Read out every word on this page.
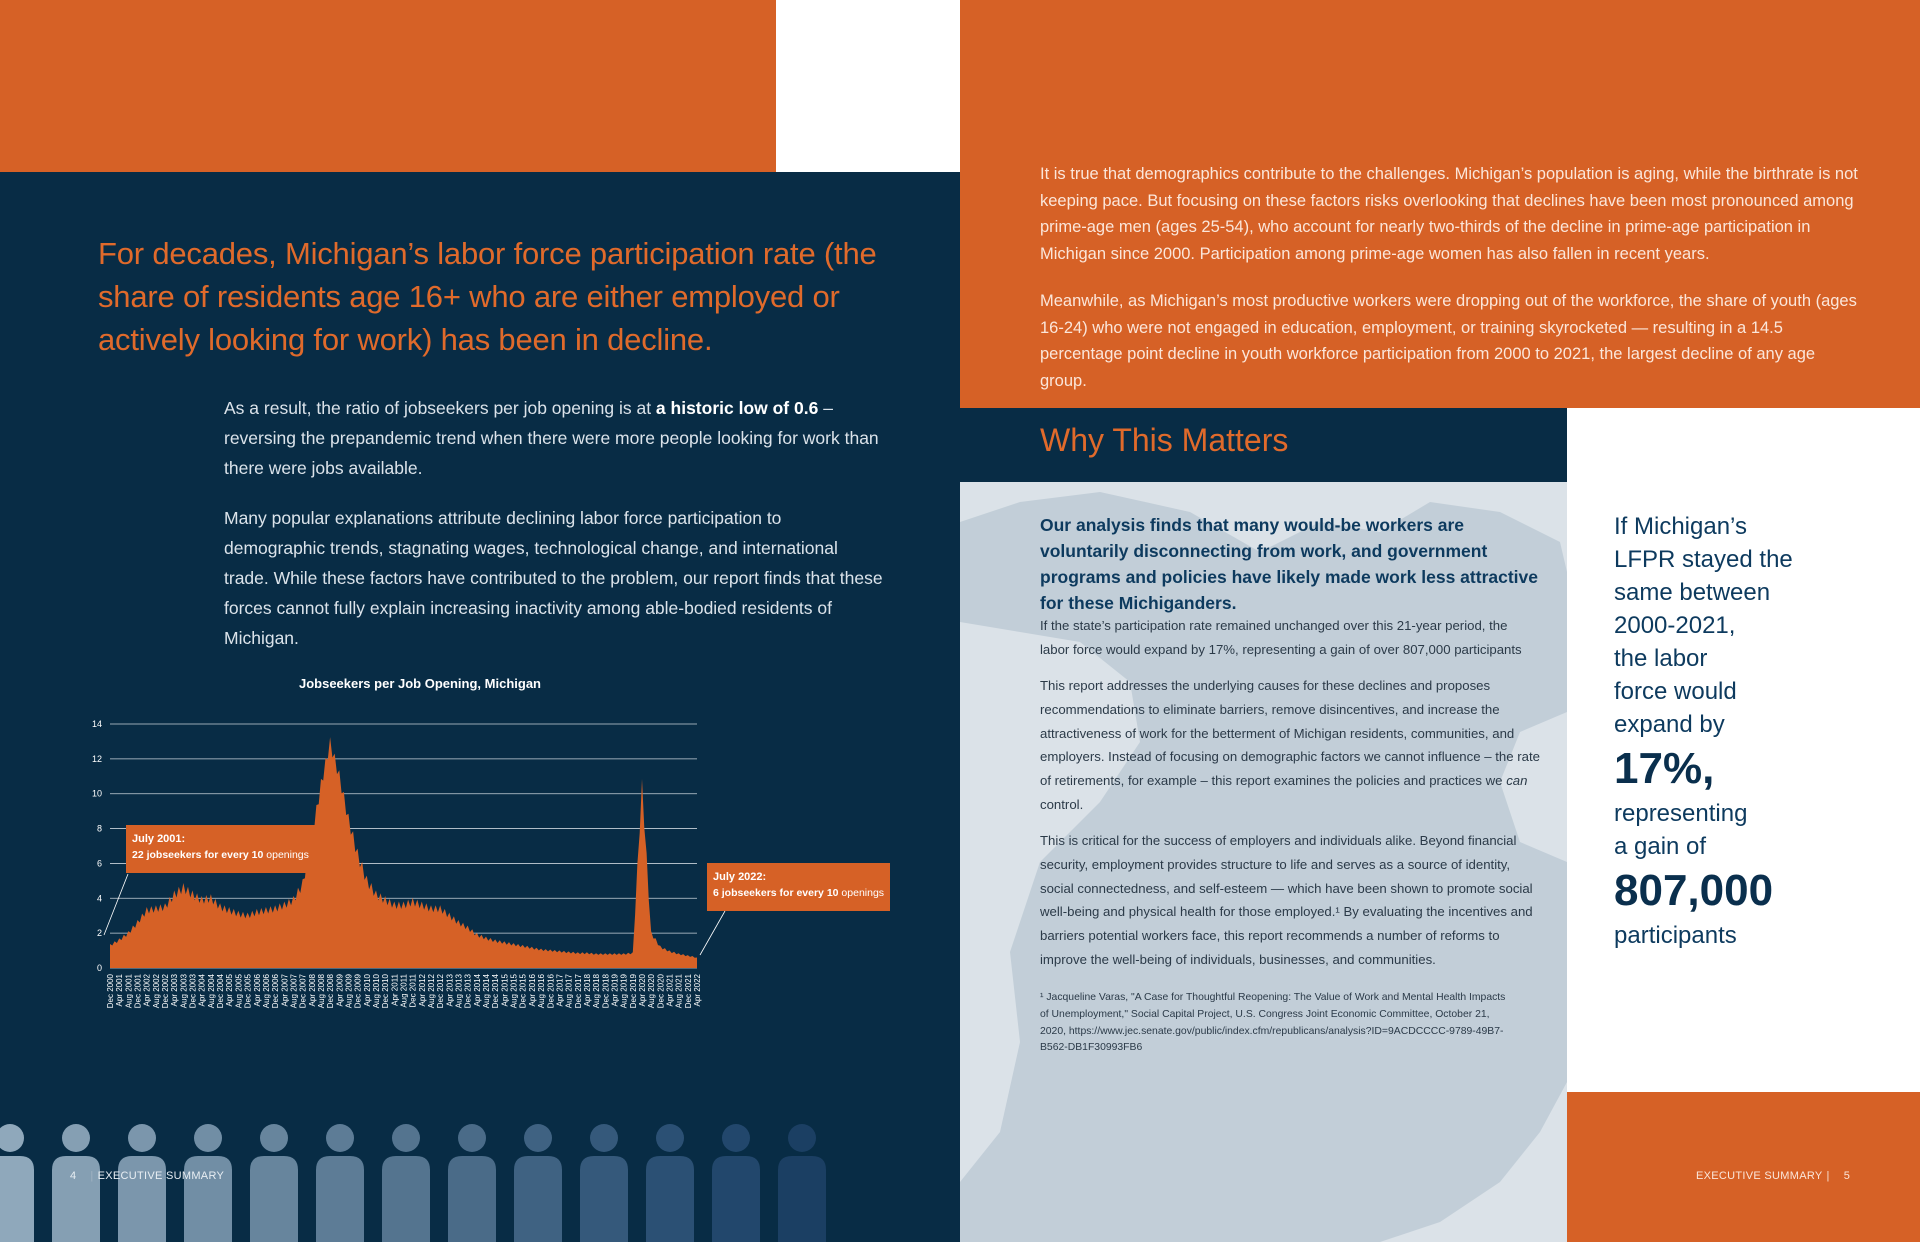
For decades, Michigan’s labor force participation rate (the share of residents age 16+ who are either employed or actively looking for work) has been in decline.
As a result, the ratio of jobseekers per job opening is at a historic low of 0.6 – reversing the prepandemic trend when there were more people looking for work than there were jobs available.
Many popular explanations attribute declining labor force participation to demographic trends, stagnating wages, technological change, and international trade. While these factors have contributed to the problem, our report finds that these forces cannot fully explain increasing inactivity among able-bodied residents of Michigan.
Jobseekers per Job Opening, Michigan
0
2
4
6
8
10
12
14
Dec 2000 Apr 2001 Aug 2001 Dec 2001 Apr 2002 Aug 2002 Dec 2002 Apr 2003 Aug 2003 Dec 2003 Apr 2004 Aug 2004 Dec 2004 Apr 2005 Aug 2005 Dec 2005 Apr 2006 Aug 2006 Dec 2006 Apr 2007 Aug 2007 Dec 2007 Apr 2008 Aug 2008 Dec 2008 Apr 2009 Aug 2009 Dec 2009 Apr 2010 Aug 2010 Dec 2010 Apr 2011 Aug 2011 Dec 2011 Apr 2012 Aug 2012 Dec 2012 Apr 2013 Aug 2013 Dec 2013 Apr 2014 Aug 2014 Dec 2014 Apr 2015 Aug 2015 Dec 2015 Apr 2016 Aug 2016 Dec 2016 Apr 2017 Aug 2017 Dec 2017 Apr 2018 Aug 2018 Dec 2018 Apr 2019 Aug 2019 Dec 2019 Apr 2020 Aug 2020 Dec 2020 Apr 2021 Aug 2021 Dec 2021 Apr 2022
July 2001:
22 jobseekers for every 10 openings
July 2022:
6 jobseekers for every 10 openings
4 | EXECUTIVE SUMMARY
It is true that demographics contribute to the challenges. Michigan’s population is aging, while the birthrate is not keeping pace. But focusing on these factors risks overlooking that declines have been most pronounced among prime-age men (ages 25-54), who account for nearly two-thirds of the decline in prime-age participation in Michigan since 2000. Participation among prime-age women has also fallen in recent years.
Meanwhile, as Michigan’s most productive workers were dropping out of the workforce, the share of youth (ages 16-24) who were not engaged in education, employment, or training skyrocketed — resulting in a 14.5 percentage point decline in youth workforce participation from 2000 to 2021, the largest decline of any age group.
Why This Matters
Our analysis finds that many would-be workers are voluntarily disconnecting from work, and government programs and policies have likely made work less attractive for these Michiganders.
If the state’s participation rate remained unchanged over this 21-year period, the labor force would expand by 17%, representing a gain of over 807,000 participants
This report addresses the underlying causes for these declines and proposes recommendations to eliminate barriers, remove disincentives, and increase the attractiveness of work for the betterment of Michigan residents, communities, and employers. Instead of focusing on demographic factors we cannot influence – the rate of retirements, for example – this report examines the policies and practices we can control.
This is critical for the success of employers and individuals alike. Beyond financial security, employment provides structure to life and serves as a source of identity, social connectedness, and self-esteem — which have been shown to promote social well-being and physical health for those employed.¹ By evaluating the incentives and barriers potential workers face, this report recommends a number of reforms to improve the well-being of individuals, businesses, and communities.
¹ Jacqueline Varas, "A Case for Thoughtful Reopening: The Value of Work and Mental Health Impacts of Unemployment," Social Capital Project, U.S. Congress Joint Economic Committee, October 21, 2020, https://www.jec.senate.gov/public/index.cfm/republicans/analysis?ID=9ACDCCCC-9789-49B7-B562-DB1F30993FB6
If Michigan’s
LFPR stayed the
same between
2000-2021,
the labor
force would
expand by
17%,
representing
a gain of
807,000
participants
EXECUTIVE SUMMARY | 5
